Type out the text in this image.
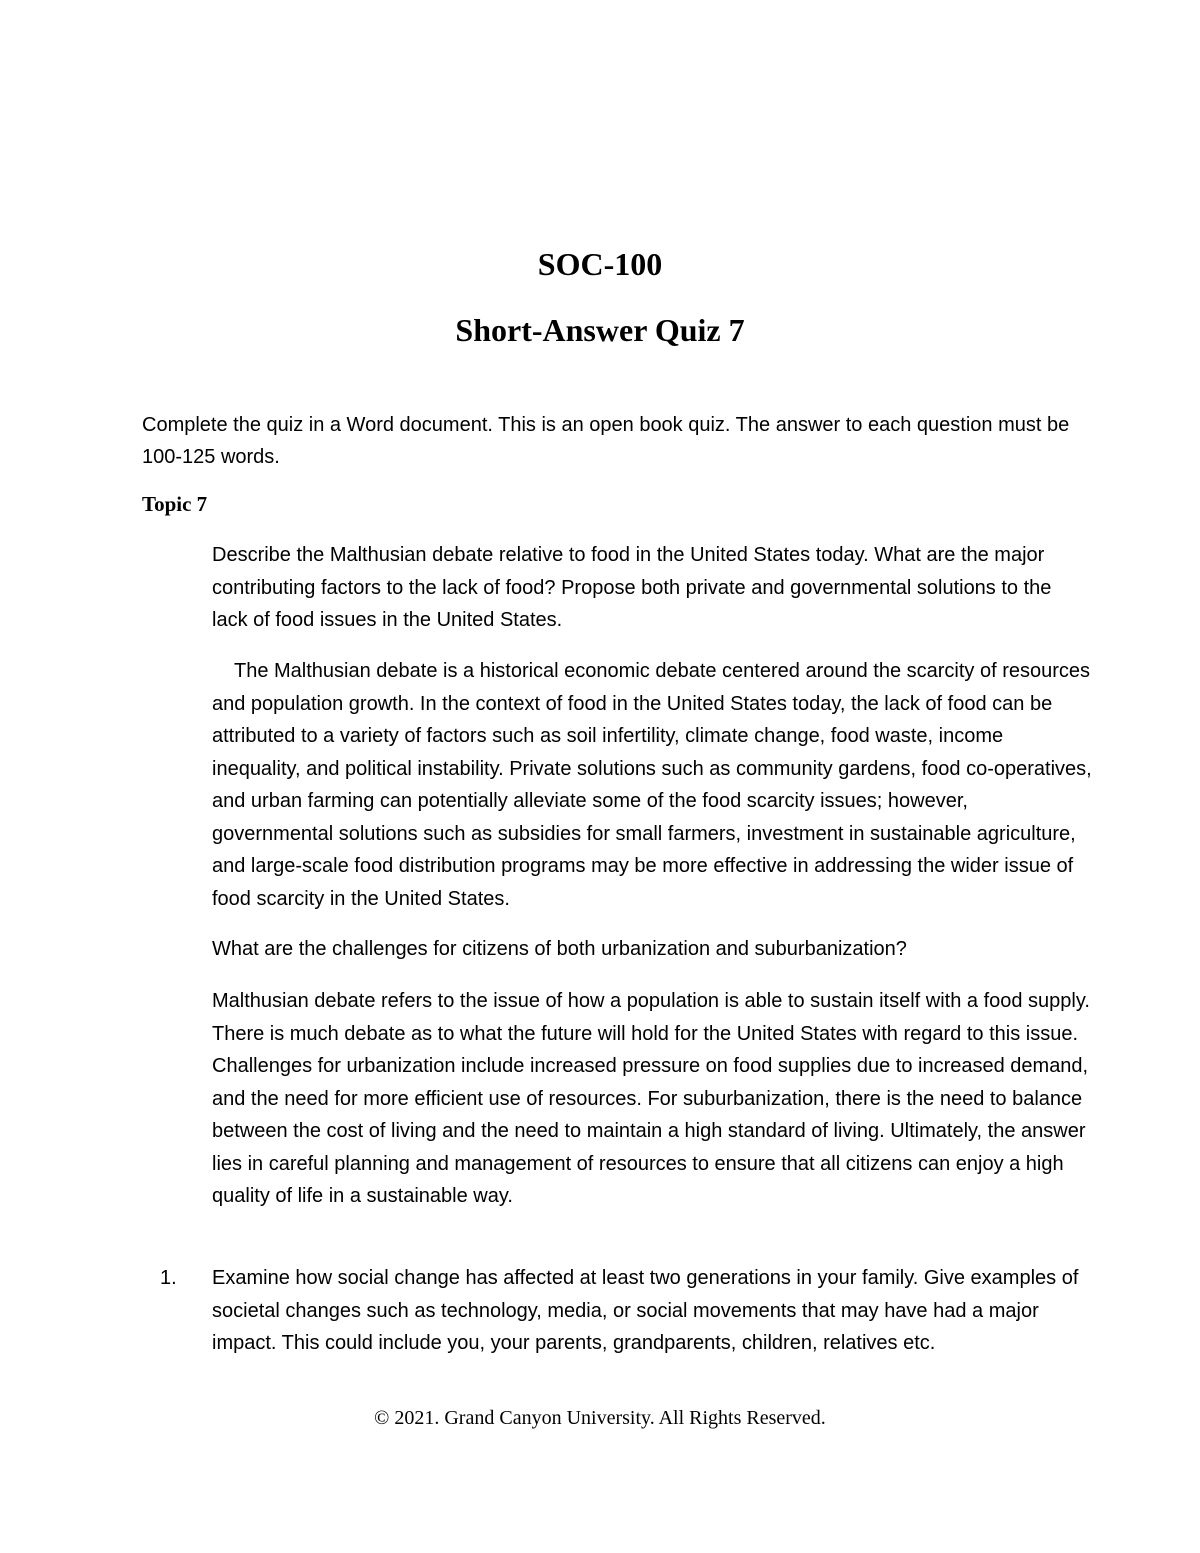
SOC-100
Short-Answer Quiz 7
Complete the quiz in a Word document. This is an open book quiz. The answer to each question must be 100-125 words.
Topic 7
Describe the Malthusian debate relative to food in the United States today. What are the major contributing factors to the lack of food? Propose both private and governmental solutions to the lack of food issues in the United States.
The Malthusian debate is a historical economic debate centered around the scarcity of resources and population growth. In the context of food in the United States today, the lack of food can be attributed to a variety of factors such as soil infertility, climate change, food waste, income inequality, and political instability. Private solutions such as community gardens, food co-operatives, and urban farming can potentially alleviate some of the food scarcity issues; however, governmental solutions such as subsidies for small farmers, investment in sustainable agriculture, and large-scale food distribution programs may be more effective in addressing the wider issue of food scarcity in the United States.
What are the challenges for citizens of both urbanization and suburbanization?
Malthusian debate refers to the issue of how a population is able to sustain itself with a food supply. There is much debate as to what the future will hold for the United States with regard to this issue. Challenges for urbanization include increased pressure on food supplies due to increased demand, and the need for more efficient use of resources. For suburbanization, there is the need to balance between the cost of living and the need to maintain a high standard of living. Ultimately, the answer lies in careful planning and management of resources to ensure that all citizens can enjoy a high quality of life in a sustainable way.
1.	Examine how social change has affected at least two generations in your family. Give examples of societal changes such as technology, media, or social movements that may have had a major impact. This could include you, your parents, grandparents, children, relatives etc.
© 2021. Grand Canyon University. All Rights Reserved.
